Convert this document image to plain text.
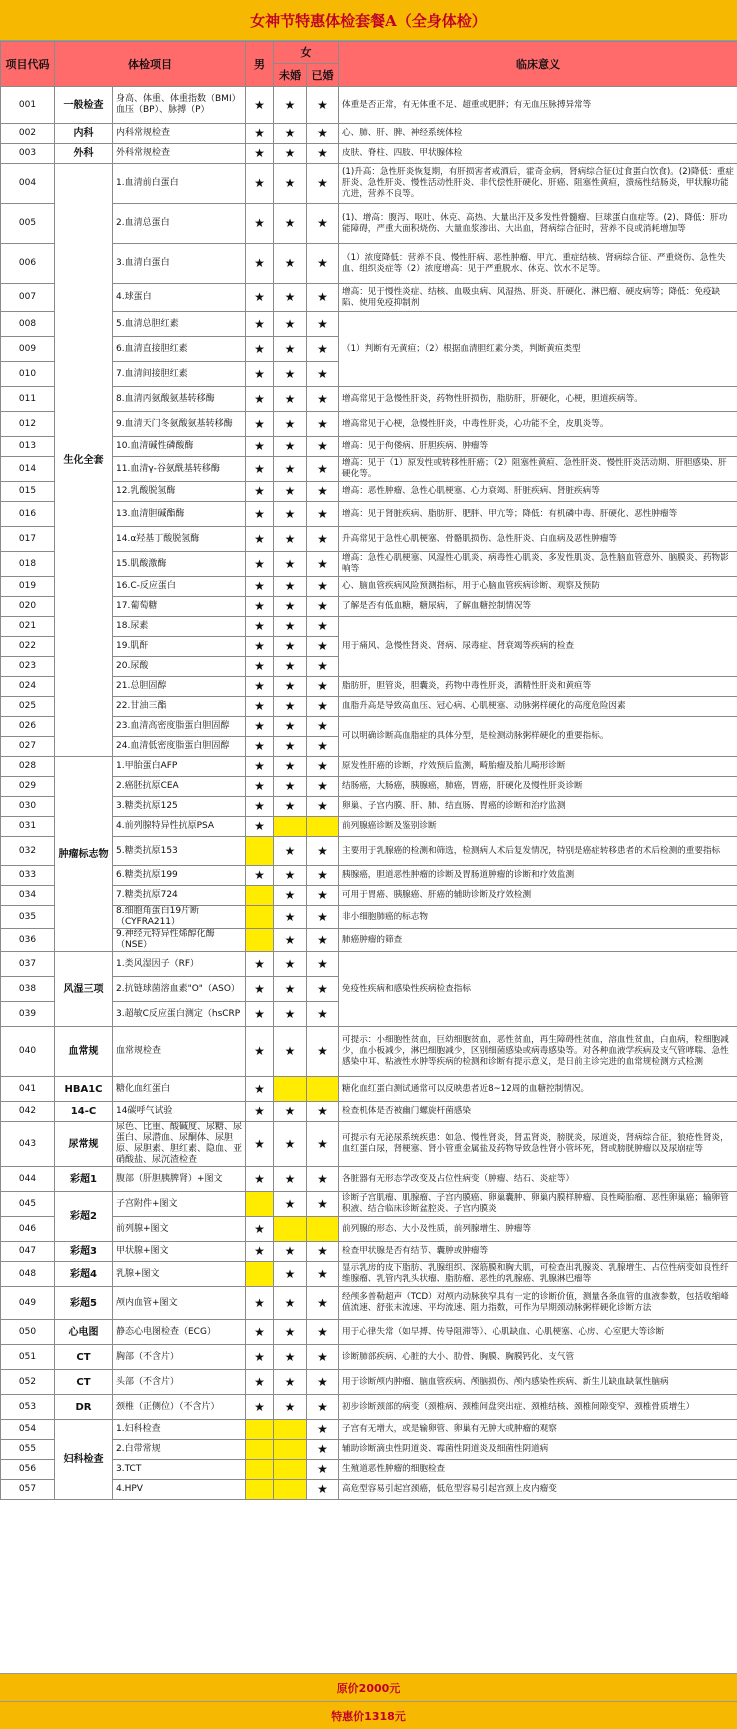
女神节特惠体检套餐A（全身体检）
项目代码	体检项目		男	女		临床意义
				未婚	已婚	
001	一般检查	身高、体重、体重指数（BMI） 血压（BP）、脉搏（P）	★	★	★	体重是否正常，有无体重不足、超重或肥胖；有无血压脉搏异常等
002	内科	内科常规检查	★	★	★	心、肺、肝、脾、神经系统体检
003	外科	外科常规检查	★	★	★	皮肤、脊柱、四肢、甲状腺体检
004	生化全套	1.血清前白蛋白	★	★	★	(1)升高：急性肝炎恢复期，有肝损害者戒酒后，霍奇金病，肾病综合征(过食蛋白饮食)。(2)降低：重症肝炎、急性肝炎、慢性活动性肝炎、非代偿性肝硬化、肝癌、阻塞性黄疸，溃疡性结肠炎，甲状腺功能亢进，营养不良等。
005		2.血清总蛋白	★	★	★	(1)、增高：腹泻、呕吐、休克、高热、大量出汗及多发性骨髓瘤、巨球蛋白血症等。(2)、降低：肝功能障碍，严重大面积烧伤、大量血浆渗出、大出血，肾病综合征时，营养不良或消耗增加等
006		3.血清白蛋白	★	★	★	（1）浓度降低：营养不良、慢性肝病、恶性肿瘤、甲亢、重症结核、肾病综合征、严重烧伤、急性失血、组织炎症等（2）浓度增高：见于严重脱水、休克、饮水不足等。
007		4.球蛋白	★	★	★	增高：见于慢性炎症、结核、血吸虫病、风湿热、肝炎、肝硬化、淋巴瘤、硬皮病等；降低：免疫缺陷、使用免疫抑制剂
008		5.血清总胆红素	★	★	★	（1）判断有无黄疸；（2）根据血清胆红素分类，判断黄疸类型
009		6.血清直接胆红素	★	★	★	
010		7.血清间接胆红素	★	★	★	
011		8.血清丙氨酸氨基转移酶	★	★	★	增高常见于急慢性肝炎，药物性肝损伤，脂肪肝，肝硬化，心梗，胆道疾病等。
012		9.血清天门冬氨酸氨基转移酶	★	★	★	增高常见于心梗，急慢性肝炎，中毒性肝炎，心功能不全，皮肌炎等。
013		10.血清碱性磷酸酶	★	★	★	增高：见于佝偻病、肝胆疾病、肿瘤等
014		11.血清γ-谷氨酰基转移酶	★	★	★	增高：见于（1）原发性或转移性肝癌；（2）阻塞性黄疸、急性肝炎、慢性肝炎活动期、肝胆感染、肝硬化等。
015		12.乳酸脱氢酶	★	★	★	增高：恶性肿瘤、急性心肌梗塞、心力衰竭、肝脏疾病、肾脏疾病等
016		13.血清胆碱酯酶	★	★	★	增高：见于肾脏疾病、脂肪肝、肥胖、甲亢等；降低：有机磷中毒、肝硬化、恶性肿瘤等
017		14.α羟基丁酸脱氢酶	★	★	★	升高常见于急性心肌梗塞、骨骼肌损伤、急性肝炎、白血病及恶性肿瘤等
018		15.肌酸激酶	★	★	★	增高：急性心肌梗塞、风湿性心肌炎、病毒性心肌炎、多发性肌炎、急性脑血管意外、脑膜炎、药物影响等
019		16.C-反应蛋白	★	★	★	心、脑血管疾病风险预测指标，用于心脑血管疾病诊断、观察及预防
020		17.葡萄糖	★	★	★	了解是否有低血糖，糖尿病，了解血糖控制情况等
021		18.尿素	★	★	★	用于痛风、急慢性肾炎、肾病、尿毒症、肾衰竭等疾病的检查
022		19.肌酐	★	★	★	
023		20.尿酸	★	★	★	
024		21.总胆固醇	★	★	★	脂肪肝，胆管炎，胆囊炎，药物中毒性肝炎，酒精性肝炎和黄疸等
025		22.甘油三酯	★	★	★	血脂升高是导致高血压、冠心病、心肌梗塞、动脉粥样硬化的高度危险因素
026		23.血清高密度脂蛋白胆固醇	★	★	★	可以明确诊断高血脂症的具体分型，是检测动脉粥样硬化的重要指标。
027		24.血清低密度脂蛋白胆固醇	★	★	★	
028	肿瘤标志物	1.甲胎蛋白AFP	★	★	★	原发性肝癌的诊断，疗效预后监测，畸胎瘤及胎儿畸形诊断
029		2.癌胚抗原CEA	★	★	★	结肠癌，大肠癌，胰腺癌，肺癌，胃癌，肝硬化及慢性肝炎诊断
030		3.糖类抗原125	★	★	★	卵巢、子宫内膜、肝、肺、结直肠、胃癌的诊断和治疗监测
031		4.前列腺特异性抗原PSA	★			前列腺癌诊断及鉴别诊断
032		5.糖类抗原153		★	★	主要用于乳腺癌的检测和筛选，检测病人术后复发情况，特别是癌症转移患者的术后检测的重要指标
033		6.糖类抗原199	★	★	★	胰腺癌，胆道恶性肿瘤的诊断及胃肠道肿瘤的诊断和疗效监测
034		7.糖类抗原724		★	★	可用于胃癌、胰腺癌、肝癌的辅助诊断及疗效检测
035		8.细胞角蛋白19片断（CYFRA211）		★	★	非小细胞肺癌的标志物
036		9.神经元特异性烯醇化酶（NSE）		★	★	肺癌肿瘤的筛查
037	风湿三项	1.类风湿因子（RF）	★	★	★	免疫性疾病和感染性疾病检查指标
038		2.抗链球菌溶血素"O"（ASO）	★	★	★	
039		3.超敏C反应蛋白测定（hsCRP	★	★	★	
040	血常规	血常规检查	★	★	★	可提示：小细胞性贫血，巨幼细胞贫血，恶性贫血，再生障碍性贫血，溶血性贫血，白血病，粒细胞减少，血小板减少，淋巴细胞减少，区别细菌感染或病毒感染等。对各种血液学疾病及支气管哮喘、急性感染中耳、粘液性水肿等疾病的检测和诊断有提示意义，是日前主诊完进的血常规检测方式检测
041	HBA1C	糖化血红蛋白	★			糖化血红蛋白测试通常可以反映患者近8~12周的血糖控制情况。
042	14-C	14碳呼气试验	★	★	★	检查机体是否被幽门螺旋杆菌感染
043	尿常规	尿色、比重、酸碱度、尿糖、尿蛋白、尿潜血、尿酮体、尿胆原、尿胆素、胆红素、隐血、亚硝酸盐、尿沉渣检查	★	★	★	可提示有无泌尿系统疾患：如急、慢性肾炎，肾盂肾炎，膀胱炎，尿道炎，肾病综合征，狼疮性肾炎，血红蛋白尿，肾梗塞、肾小管重金属盐及药物导致急性肾小管坏死，肾或膀胱肿瘤以及尿崩症等
044	彩超1	腹部（肝胆胰脾肾）+图文	★	★	★	各脏器有无形态学改变及占位性病变（肿瘤、结石、炎症等）
045	彩超2	子宫附件+图文		★	★	诊断子宫肌瘤、肌腺瘤、子宫内膜癌、卵巢囊肿、卵巢内膜样肿瘤、良性畸胎瘤、恶性卵巢癌；输卵管积液、结合临床诊断盆腔炎、子宫内膜炎
046		前列腺+图文	★			前列腺的形态、大小及性质，前列腺增生、肿瘤等
047	彩超3	甲状腺+图文	★	★	★	检查甲状腺是否有结节、囊肿或肿瘤等
048	彩超4	乳腺+图文		★	★	显示乳房的皮下脂肪、乳腺组织、深筋膜和胸大肌，可检查出乳腺炎、乳腺增生、占位性病变如良性纤维腺瘤、乳管内乳头状瘤、脂肪瘤、恶性的乳腺癌、乳腺淋巴瘤等
049	彩超5	颅内血管+图文	★	★	★	经颅多普勒超声（TCD）对颅内动脉狭窄具有一定的诊断价值，测量各条血管的血液参数，包括收缩峰值流速、舒张末流速、平均流速、阻力指数，可作为早期颈动脉粥样硬化诊断方法
050	心电图	静态心电图检查（ECG）	★	★	★	用于心律失常（如早搏、传导阻滞等）、心肌缺血、心肌梗塞、心房、心室肥大等诊断
051	CT	胸部（不含片）	★	★	★	诊断肺部疾病、心脏的大小、肋骨、胸膜、胸膜钙化、支气管
052	CT	头部（不含片）	★	★	★	用于诊断颅内肿瘤、脑血管疾病、颅脑损伤、颅内感染性疾病、新生儿缺血缺氧性脑病
053	DR	颈椎（正侧位）（不含片）	★	★	★	初步诊断颈部的病变（颈椎病、颈椎间盘突出症、颈椎结核、颈椎间隙变窄、颈椎骨质增生）
054	妇科检查	1.妇科检查			★	子宫有无增大，或是输卵管、卵巢有无肿大或肿瘤的观察
055		2.白带常规			★	辅助诊断滴虫性阴道炎、霉菌性阴道炎及细菌性阴道病
056		3.TCT			★	生殖道恶性肿瘤的细胞检查
057		4.HPV			★	高危型容易引起宫颈癌，低危型容易引起宫颈上皮内瘤变
原价2000元
特惠价1318元
